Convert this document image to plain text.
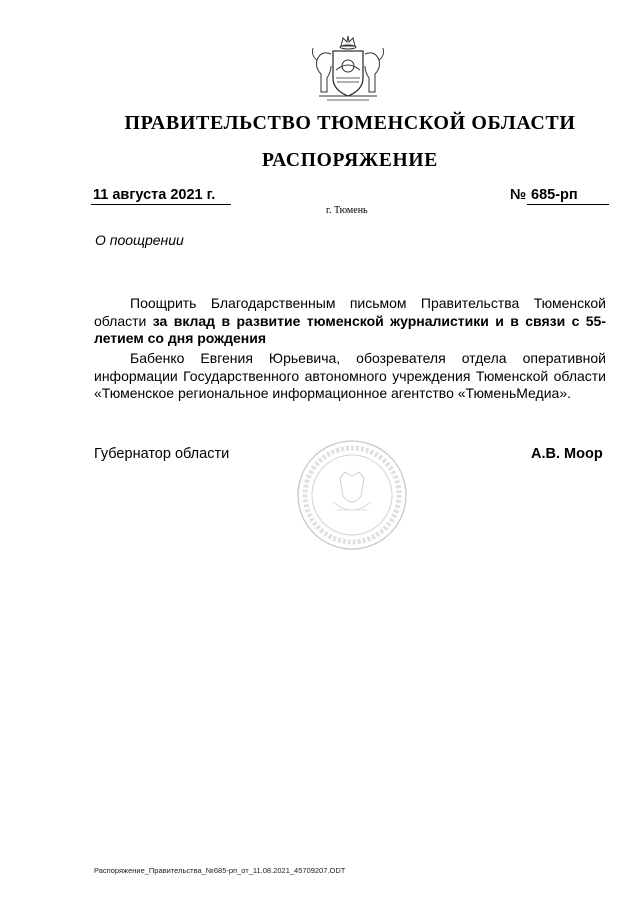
ПРАВИТЕЛЬСТВО ТЮМЕНСКОЙ ОБЛАСТИ
РАСПОРЯЖЕНИЕ
11 августа 2021 г.	№ 685-рп
г. Тюмень
О поощрении
Поощрить Благодарственным письмом Правительства Тюменской области за вклад в развитие тюменской журналистики и в связи с 55-летием со дня рождения
Бабенко Евгения Юрьевича, обозревателя отдела оперативной информации Государственного автономного учреждения Тюменской области «Тюменское региональное информационное агентство «ТюменьМедиа».
Губернатор области	А.В. Моор
Распоряжение_Правительства_№685-рп_от_11.08.2021_45709207.ODT
